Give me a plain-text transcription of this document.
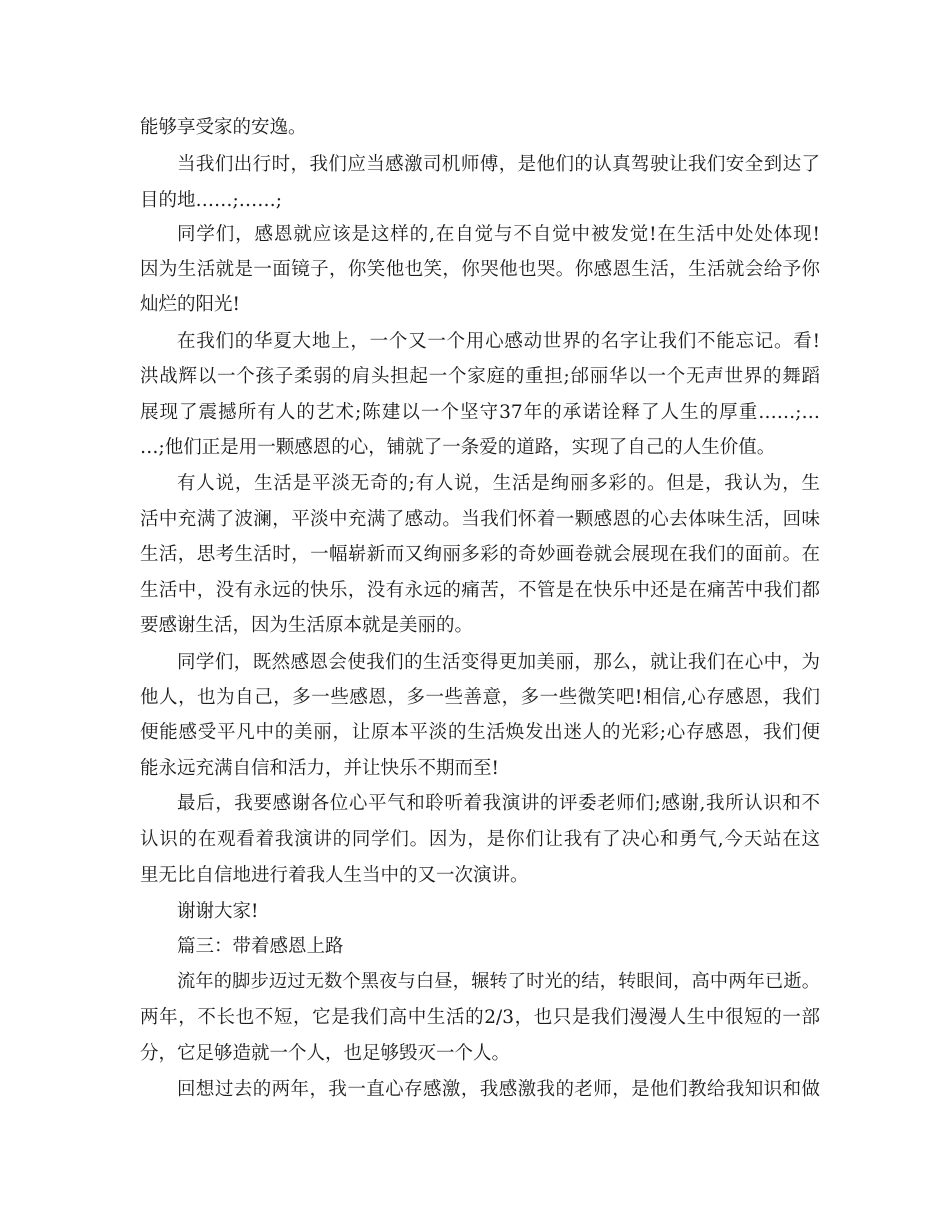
能够享受家的安逸。
当我们出行时，我们应当感激司机师傅，是他们的认真驾驶让我们安全到达了
目的地……;……;
同学们，感恩就应该是这样的,在自觉与不自觉中被发觉!在生活中处处体现!
因为生活就是一面镜子，你笑他也笑，你哭他也哭。你感恩生活，生活就会给予你
灿烂的阳光!
在我们的华夏大地上，一个又一个用心感动世界的名字让我们不能忘记。看!
洪战辉以一个孩子柔弱的肩头担起一个家庭的重担;邰丽华以一个无声世界的舞蹈
展现了震撼所有人的艺术;陈建以一个坚守37年的承诺诠释了人生的厚重……;…
…;他们正是用一颗感恩的心，铺就了一条爱的道路，实现了自己的人生价值。
有人说，生活是平淡无奇的;有人说，生活是绚丽多彩的。但是，我认为，生
活中充满了波澜，平淡中充满了感动。当我们怀着一颗感恩的心去体味生活，回味
生活，思考生活时，一幅崭新而又绚丽多彩的奇妙画卷就会展现在我们的面前。在
生活中，没有永远的快乐，没有永远的痛苦，不管是在快乐中还是在痛苦中我们都
要感谢生活，因为生活原本就是美丽的。
同学们，既然感恩会使我们的生活变得更加美丽，那么，就让我们在心中，为
他人，也为自己，多一些感恩，多一些善意，多一些微笑吧!相信,心存感恩，我们
便能感受平凡中的美丽，让原本平淡的生活焕发出迷人的光彩;心存感恩，我们便
能永远充满自信和活力，并让快乐不期而至!
最后，我要感谢各位心平气和聆听着我演讲的评委老师们;感谢,我所认识和不
认识的在观看着我演讲的同学们。因为，是你们让我有了决心和勇气,今天站在这
里无比自信地进行着我人生当中的又一次演讲。
谢谢大家!
篇三：带着感恩上路
流年的脚步迈过无数个黑夜与白昼，辗转了时光的结，转眼间，高中两年已逝。
两年，不长也不短，它是我们高中生活的2/3，也只是我们漫漫人生中很短的一部
分，它足够造就一个人，也足够毁灭一个人。
回想过去的两年，我一直心存感激，我感激我的老师，是他们教给我知识和做
